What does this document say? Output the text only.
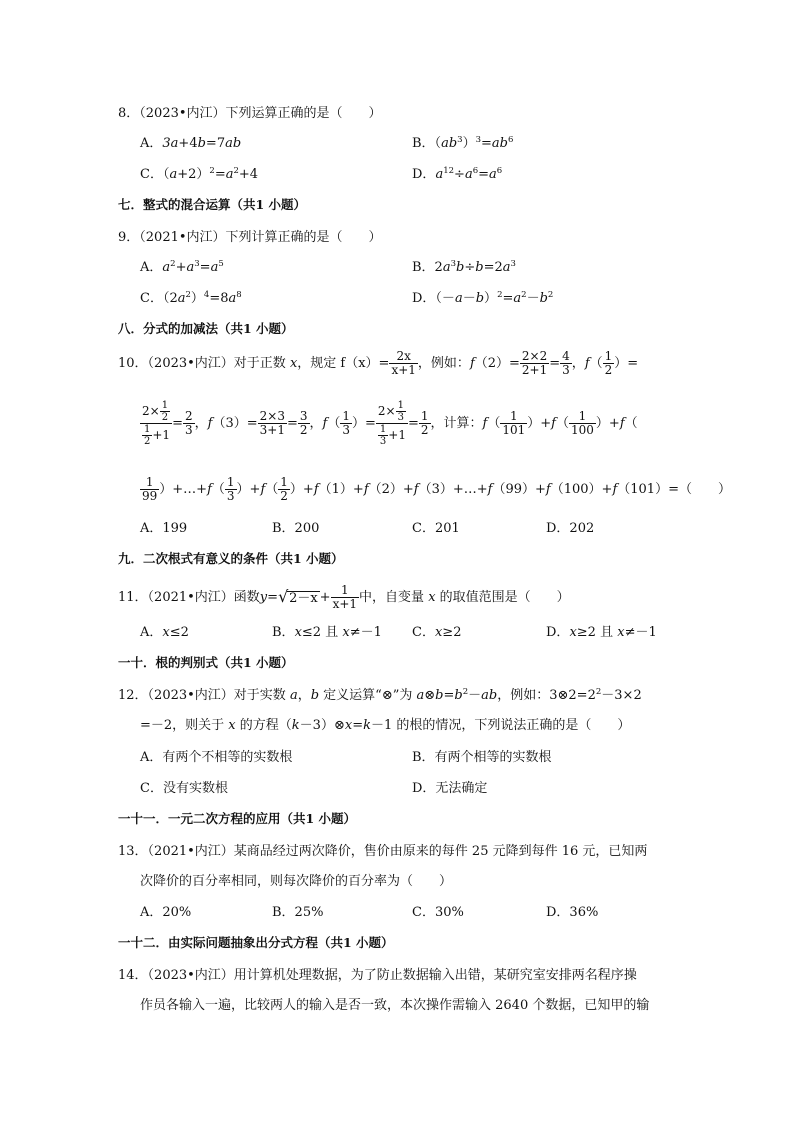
8．（2023•内江）下列运算正确的是（　　）
A．3a+4b=7ab	B．$(ab^3)^3=ab^6$
C．$(a+2)^2=a^2+4$	D．$a^{12}\div a^6=a^6$
七．整式的混合运算（共1 小题）
9．（2021•内江）下列计算正确的是（　　）
A．$a^2+a^3=a^5$	B．$2a^3b\div b=2a^3$
C．$(2a^2)^4=8a^8$	D．$(-a-b)^2=a^2-b^2$
八．分式的加减法（共1 小题）
10．（2023•内江）对于正数 x，规定 $f(x)= \frac{2x}{x+1}$ ，例如：$f(2)= \frac{2\times 2}{2+1} = \frac{4}{3}$ ，$f( \frac{1}{2}$ ）=
$\frac{2\times \frac{1}{2}}{\frac{1}{2} +1} = \frac{2}{3}$ ，$f(3)= \frac{2\times 3}{3+1} = \frac{3}{2}$ ，$f( \frac{1}{3}$ ）= $\frac{2\times \frac{1}{3}}{\frac{1}{3} +1} = \frac{1}{2}$ ，计算：$f( \frac{1}{101} )+f( \frac{1}{100} )+f$（
$\frac{1}{99}$ ）+…+f（ $\frac{1}{3} )+f( \frac{1}{2}$ ）+f（1）+f（2）+f（3）+…+f（99）+f（100）+f（101）=（　　）
A．199	B．200	C．201	D．202
九．二次根式有意义的条件（共1 小题）
11．（2021•内江）函数y= √ $2-x + \frac{1}{x+1}$ 中，自变量 x 的取值范围是（　　）
A．x≤2	B．x≤2 且 x≠－1 C．x≥2	D．x≥2 且 x≠－1
一十．根的判别式（共1 小题）
12．（2023•内江）对于实数 a，b 定义运算“⊗”为 $a\otimes b=b^2-ab$，例如：$3\otimes 2=2^2-3\times 2$
=－2，则关于 x 的方程（k－3）⊗x=k－1 的根的情况，下列说法正确的是（　　）
A．有两个不相等的实数根	B．有两个相等的实数根
C．没有实数根	D．无法确定
一十一．一元二次方程的应用（共1 小题）
13．（2021•内江）某商品经过两次降价，售价由原来的每件 25 元降到每件 16 元，已知两
次降价的百分率相同，则每次降价的百分率为（　　）
A．20%	B．25%	C．30%	D．36%
一十二．由实际问题抽象出分式方程（共1 小题）
14．（2023•内江）用计算机处理数据，为了防止数据输入出错，某研究室安排两名程序操
作员各输入一遍，比较两人的输入是否一致，本次操作需输入 2640 个数据，已知甲的输
